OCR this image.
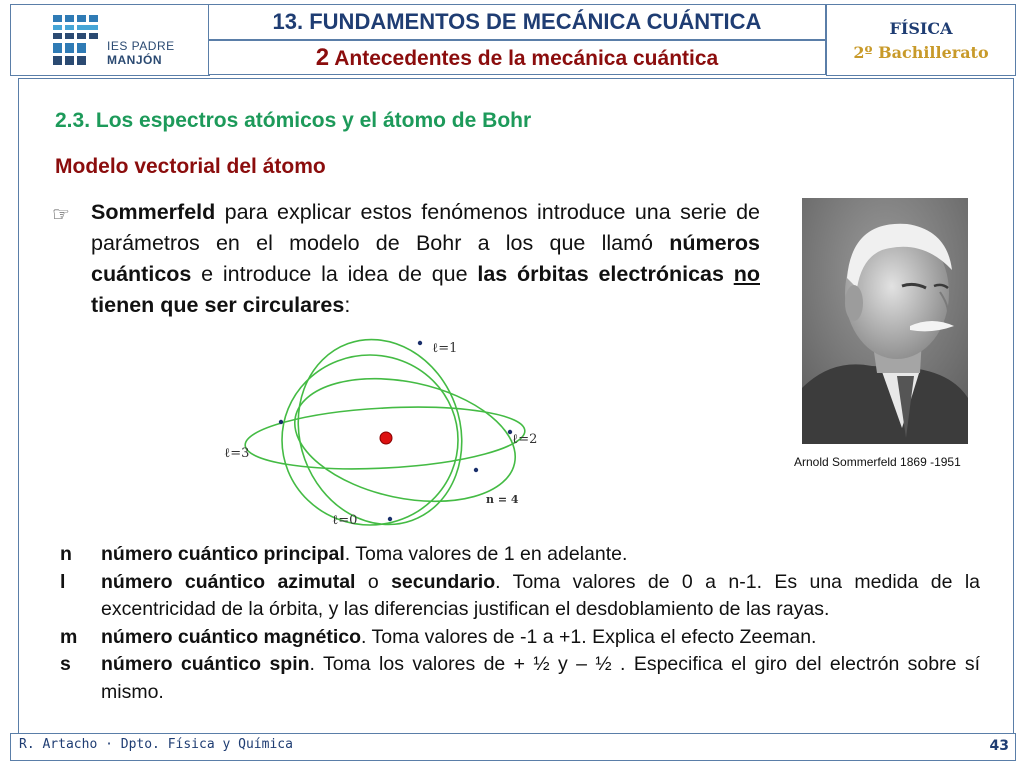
IES PADRE
MANJÓN
13. FUNDAMENTOS DE MECÁNICA CUÁNTICA
2 Antecedentes de la mecánica cuántica
FÍSICA
2º Bachillerato
2.3. Los espectros atómicos y el átomo de Bohr
Modelo vectorial del átomo
☞ Sommerfeld para explicar estos fenómenos introduce una serie de parámetros en el modelo de Bohr a los que llamó números cuánticos e introduce la idea de que las órbitas electrónicas no tienen que ser circulares:
ℓ=1
ℓ=2
ℓ=3
ℓ=0
n = 4
Arnold Sommerfeld 1869 -1951
n número cuántico principal. Toma valores de 1 en adelante.
l número cuántico azimutal o secundario. Toma valores de 0 a n-1. Es una medida de la excentricidad de la órbita, y las diferencias justifican el desdoblamiento de las rayas.
m número cuántico magnético. Toma valores de -1 a +1. Explica el efecto Zeeman.
s número cuántico spin. Toma los valores de + ½ y – ½ . Especifica el giro del electrón sobre sí mismo.
R. Artacho · Dpto. Física y Química	43
